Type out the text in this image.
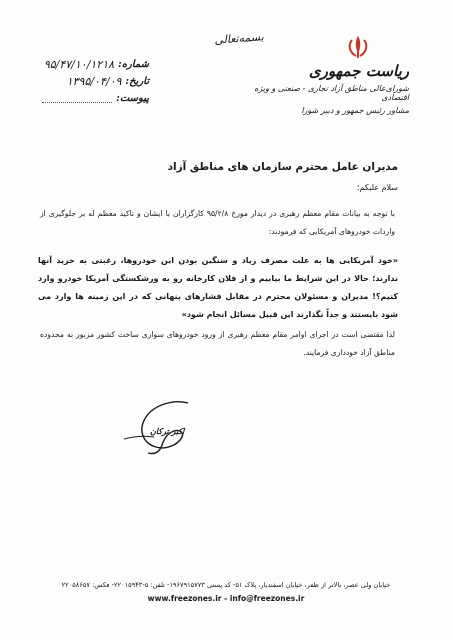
بسمه‌تعالی
ریاست جمهوری
شورای‌عالی مناطق آزاد تجاری - صنعتی و ویژه اقتصادی
مشاور رئیس جمهور و دبیر شورا
شماره:
۹۵/۴۷/۱۰/۱۲۱۸
تاریخ:
۱۳۹۵/۰۴/۰۹
پیوست:
مدیران عامل محترم سازمان های مناطق آزاد
سلام علیکم؛
با توجه به بیانات مقام معظم رهبری در دیدار مورخ ۹۵/۲/۸ کارگزاران با ایشان و تاکید معظم له بر جلوگیری از واردات خودروهای آمریکایی که فرمودند:
«خود آمریکایی ها به علت مصرف زیاد و سنگین بودن این خودروها، رغبتی به خرید آنها ندارند؛ حالا در این شرایط ما بیاییم و از فلان کارخانه رو به ورشکستگی آمریکا خودرو وارد کنیم؟! مدیران و مسئولان محترم در مقابل فشارهای پنهانی که در این زمینه ها وارد می شود بایستند و جداً نگذارند این قبیل مسائل انجام شود»
لذا مقتضی است در اجرای اوامر مقام معظم رهبری از ورود خودروهای سواری ساخت کشور مزبور به محدوده مناطق آزاد خودداری فرمایند.
اکبر ترکان
خیابان ولی عصر، بالاتر از ظفر، خیابان اسفندیار، پلاک ۵۱- کد پستی ۱۹۶۷۹۱۵۷۷۳- تلفن: ۵-۲۲۰۱۵۹۴۳- فکس: ۲۲۰۵۸۶۵۷
www.freezones.ir - info@freezones.ir
